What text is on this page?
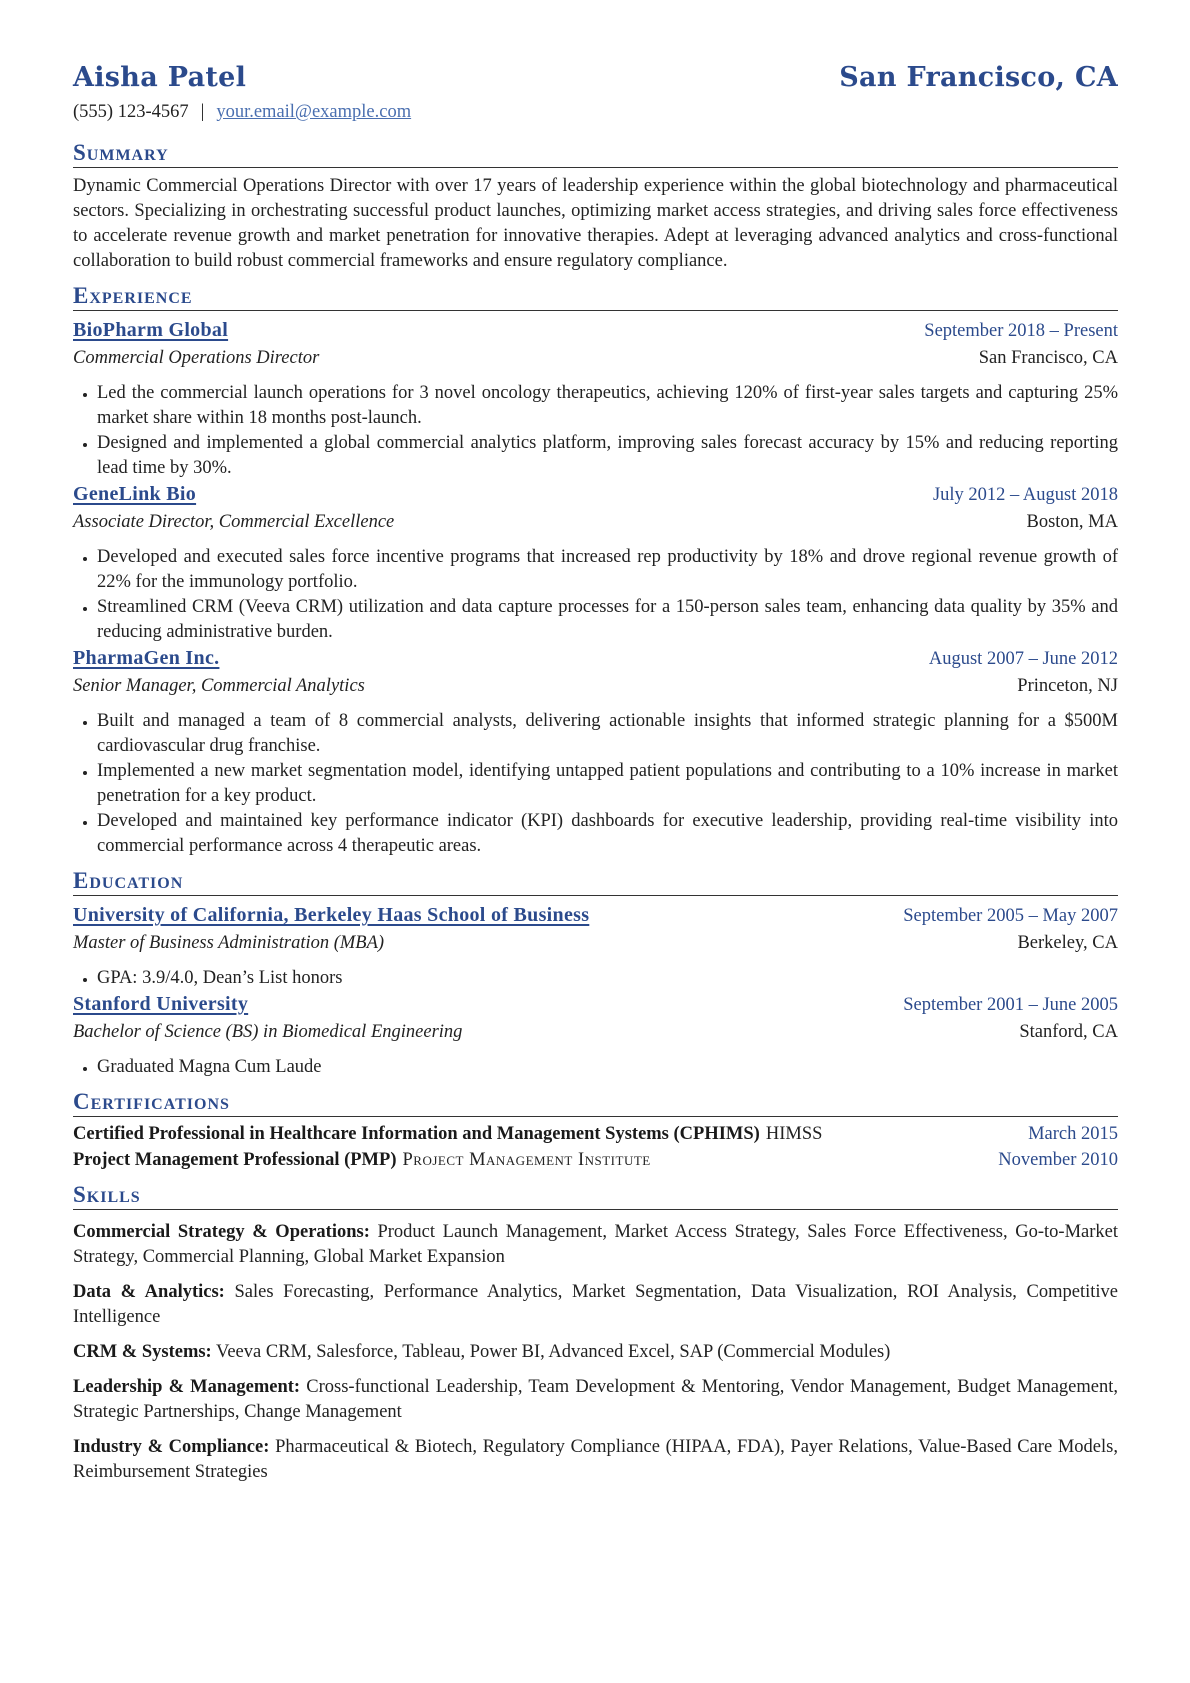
Aisha Patel	San Francisco, CA
(555) 123-4567 | your.email@example.com
Summary
Dynamic Commercial Operations Director with over 17 years of leadership experience within the global biotechnology and pharmaceutical sectors. Specializing in orchestrating successful product launches, optimizing market access strategies, and driving sales force effectiveness to accelerate revenue growth and market penetration for innovative therapies. Adept at leveraging advanced analytics and cross-functional collaboration to build robust commercial frameworks and ensure regulatory compliance.
Experience
BioPharm Global	September 2018 – Present
Commercial Operations Director	San Francisco, CA
• Led the commercial launch operations for 3 novel oncology therapeutics, achieving 120% of first-year sales targets and capturing 25% market share within 18 months post-launch.
• Designed and implemented a global commercial analytics platform, improving sales forecast accuracy by 15% and reducing reporting lead time by 30%.
GeneLink Bio	July 2012 – August 2018
Associate Director, Commercial Excellence	Boston, MA
• Developed and executed sales force incentive programs that increased rep productivity by 18% and drove regional revenue growth of 22% for the immunology portfolio.
• Streamlined CRM (Veeva CRM) utilization and data capture processes for a 150-person sales team, enhancing data quality by 35% and reducing administrative burden.
PharmaGen Inc.	August 2007 – June 2012
Senior Manager, Commercial Analytics	Princeton, NJ
• Built and managed a team of 8 commercial analysts, delivering actionable insights that informed strategic planning for a $500M cardiovascular drug franchise.
• Implemented a new market segmentation model, identifying untapped patient populations and contributing to a 10% increase in market penetration for a key product.
• Developed and maintained key performance indicator (KPI) dashboards for executive leadership, providing real-time visibility into commercial performance across 4 therapeutic areas.
Education
University of California, Berkeley Haas School of Business	September 2005 – May 2007
Master of Business Administration (MBA)	Berkeley, CA
• GPA: 3.9/4.0, Dean’s List honors
Stanford University	September 2001 – June 2005
Bachelor of Science (BS) in Biomedical Engineering	Stanford, CA
• Graduated Magna Cum Laude
Certifications
Certified Professional in Healthcare Information and Management Systems (CPHIMS) HIMSS	March 2015
Project Management Professional (PMP) Project Management Institute	November 2010
Skills
Commercial Strategy & Operations: Product Launch Management, Market Access Strategy, Sales Force Effectiveness, Go-to-Market Strategy, Commercial Planning, Global Market Expansion
Data & Analytics: Sales Forecasting, Performance Analytics, Market Segmentation, Data Visualization, ROI Analysis, Competitive Intelligence
CRM & Systems: Veeva CRM, Salesforce, Tableau, Power BI, Advanced Excel, SAP (Commercial Modules)
Leadership & Management: Cross-functional Leadership, Team Development & Mentoring, Vendor Management, Budget Management, Strategic Partnerships, Change Management
Industry & Compliance: Pharmaceutical & Biotech, Regulatory Compliance (HIPAA, FDA), Payer Relations, Value-Based Care Models, Reimbursement Strategies
